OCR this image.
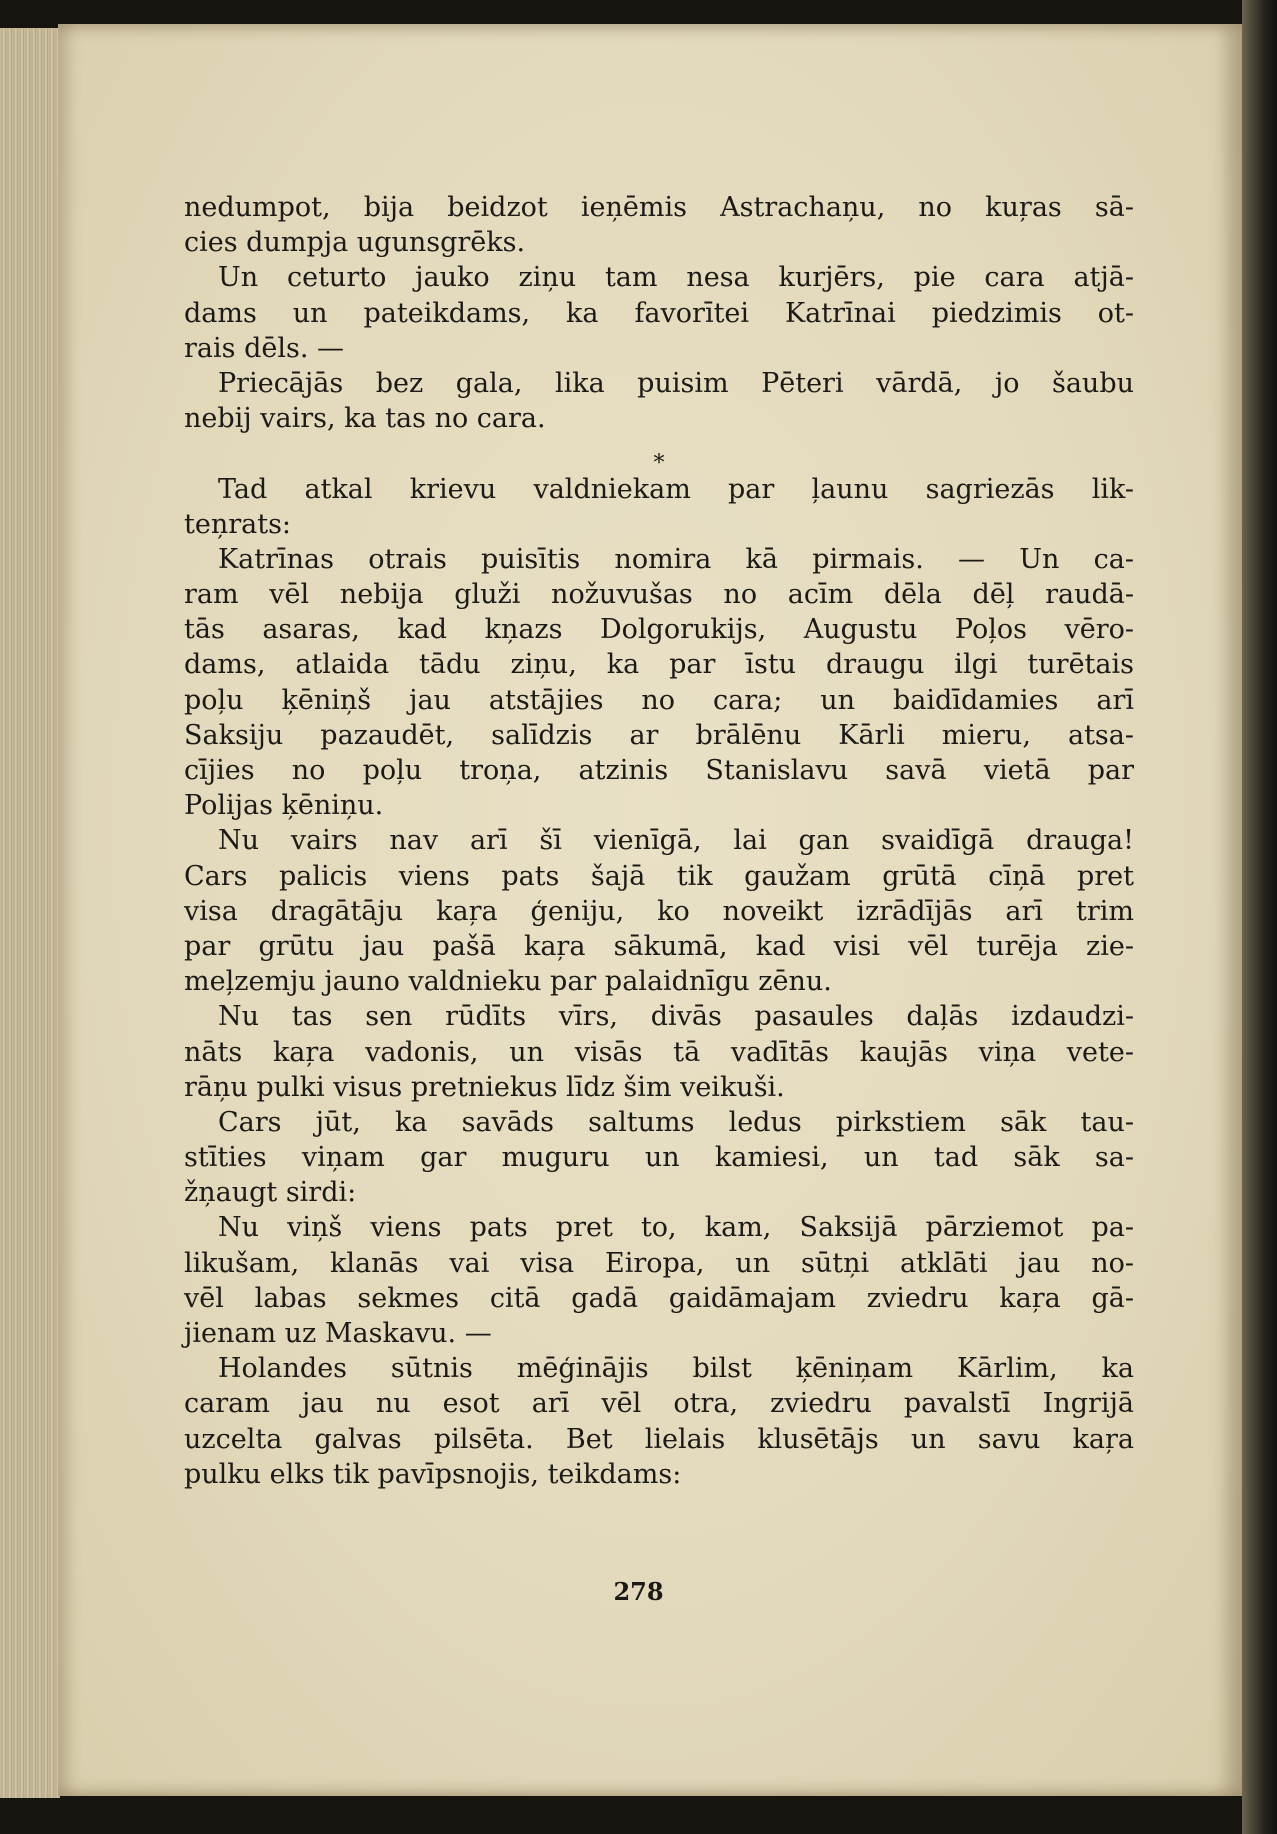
nedumpot, bija beidzot ieņēmis Astrachaņu, no kuŗas sā-
cies dumpja ugunsgrēks.
Un ceturto jauko ziņu tam nesa kurjērs, pie cara atjā-
dams un pateikdams, ka favorītei Katrīnai piedzimis ot-
rais dēls. —
Priecājās bez gala, lika puisim Pēteri vārdā, jo šaubu
nebij vairs, ka tas no cara.
*
Tad atkal krievu valdniekam par ļaunu sagriezās lik-
teņrats:
Katrīnas otrais puisītis nomira kā pirmais. — Un ca-
ram vēl nebija gluži nožuvušas no acīm dēla dēļ raudā-
tās asaras, kad kņazs Dolgorukijs, Augustu Poļos vēro-
dams, atlaida tādu ziņu, ka par īstu draugu ilgi turētais
poļu ķēniņš jau atstājies no cara; un baidīdamies arī
Saksiju pazaudēt, salīdzis ar brālēnu Kārli mieru, atsa-
cījies no poļu troņa, atzinis Stanislavu savā vietā par
Polijas ķēniņu.
Nu vairs nav arī šī vienīgā, lai gan svaidīgā drauga!
Cars palicis viens pats šajā tik gaužam grūtā cīņā pret
visa dragātāju kaŗa ģeniju, ko noveikt izrādījās arī trim
par grūtu jau pašā kaŗa sākumā, kad visi vēl turēja zie-
meļzemju jauno valdnieku par palaidnīgu zēnu.
Nu tas sen rūdīts vīrs, divās pasaules daļās izdaudzi-
nāts kaŗa vadonis, un visās tā vadītās kaujās viņa vete-
rāņu pulki visus pretniekus līdz šim veikuši.
Cars jūt, ka savāds saltums ledus pirkstiem sāk tau-
stīties viņam gar muguru un kamiesi, un tad sāk sa-
žņaugt sirdi:
Nu viņš viens pats pret to, kam, Saksijā pārziemot pa-
likušam, klanās vai visa Eiropa, un sūtņi atklāti jau no-
vēl labas sekmes citā gadā gaidāmajam zviedru kaŗa gā-
jienam uz Maskavu. —
Holandes sūtnis mēģinājis bilst ķēniņam Kārlim, ka
caram jau nu esot arī vēl otra, zviedru pavalstī Ingrijā
uzcelta galvas pilsēta. Bet lielais klusētājs un savu kaŗa
pulku elks tik pavīpsnojis, teikdams:
278
